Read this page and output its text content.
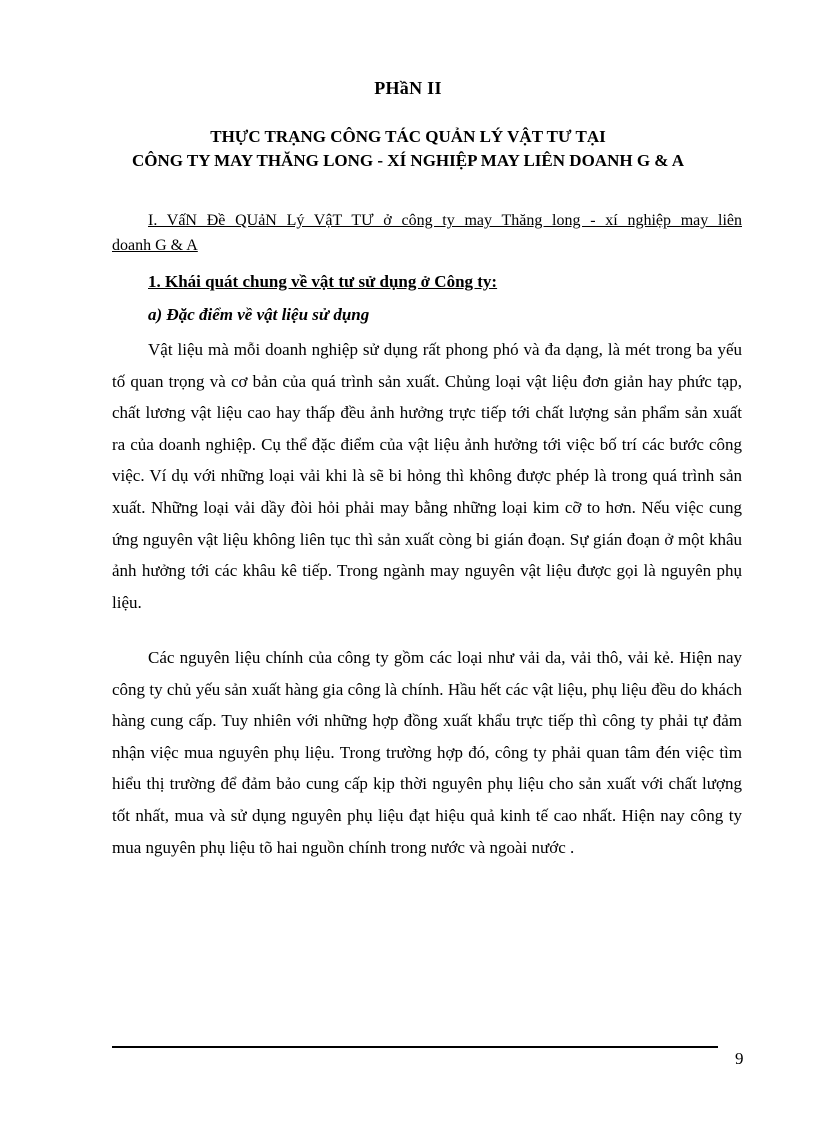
PHầN II
THỰC TRẠNG CÔNG TÁC QUẢN LÝ VẬT TƯ TẠI
CÔNG TY MAY THĂNG LONG - XÍ NGHIỆP MAY LIÊN DOANH G & A
I. VấN Đề QUảN Lý VậT TƯ ở công ty may Thăng long - xí nghiệp may liên
doanh G & A
1. Khái quát chung về vật tư sử dụng ở Công ty:
a) Đặc điểm về vật liệu sử dụng

Vật liệu mà mỗi doanh nghiệp sử dụng rất phong phó và đa dạng, là mét trong ba yếu tố quan trọng và cơ bản của quá trình sản xuất. Chủng loại vật liệu đơn giản hay phức tạp, chất lương vật liệu cao hay thấp đều ảnh hưởng trực tiếp tới chất lượng sản phẩm sản xuất ra của doanh nghiệp. Cụ thể đặc điểm của vật liệu ảnh hưởng tới việc bố trí các bước công việc. Ví dụ với những loại vải khi là sẽ bi hỏng thì không được phép là trong quá trình sản xuất. Những loại vải dầy đòi hỏi phải may bằng những loại kim cỡ to hơn. Nếu việc cung ứng nguyên vật liệu không liên tục thì sản xuất còng bi gián đoạn. Sự gián đoạn ở một khâu ảnh hưởng tới các khâu kê tiếp. Trong ngành may nguyên vật liệu được gọi là nguyên phụ liệu.

Các nguyên liệu chính của công ty gồm các loại như vải da, vải thô, vải kẻ. Hiện nay công ty chủ yếu sản xuất hàng gia công là chính. Hầu hết các vật liệu, phụ liệu đều do khách hàng cung cấp. Tuy nhiên với những hợp đồng xuất khẩu trực tiếp thì công ty phải tự đảm nhận việc mua nguyên phụ liệu. Trong trường hợp đó, công ty phải quan tâm đén việc tìm hiểu thị trường để đảm bảo cung cấp kịp thời nguyên phụ liệu cho sản xuất với chất lượng tốt nhất, mua và sử dụng nguyên phụ liệu đạt hiệu quả kinh tế cao nhất. Hiện nay công ty mua nguyên phụ liệu tõ hai nguồn chính trong nước và ngoài nước .

9
